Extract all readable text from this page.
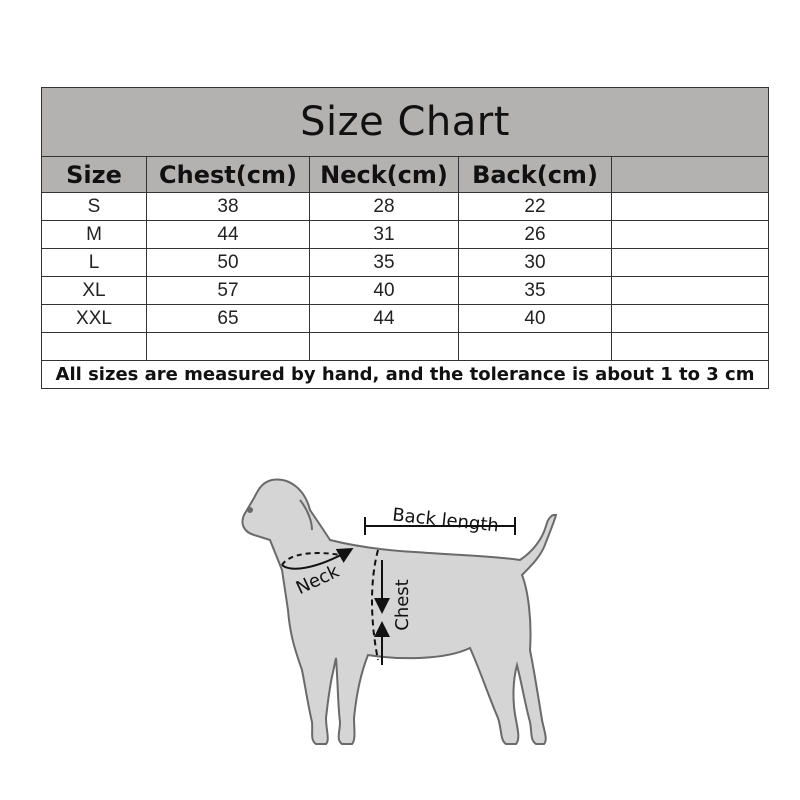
Size Chart				
Size	Chest(cm)	Neck(cm)	Back(cm)	
S	38	28	22	
M	44	31	26	
L	50	35	30	
XL	57	40	35	
XXL	65	44	40	

All sizes are measured by hand, and the tolerance is about 1 to 3 cm				
Back length
Neck	Chest
